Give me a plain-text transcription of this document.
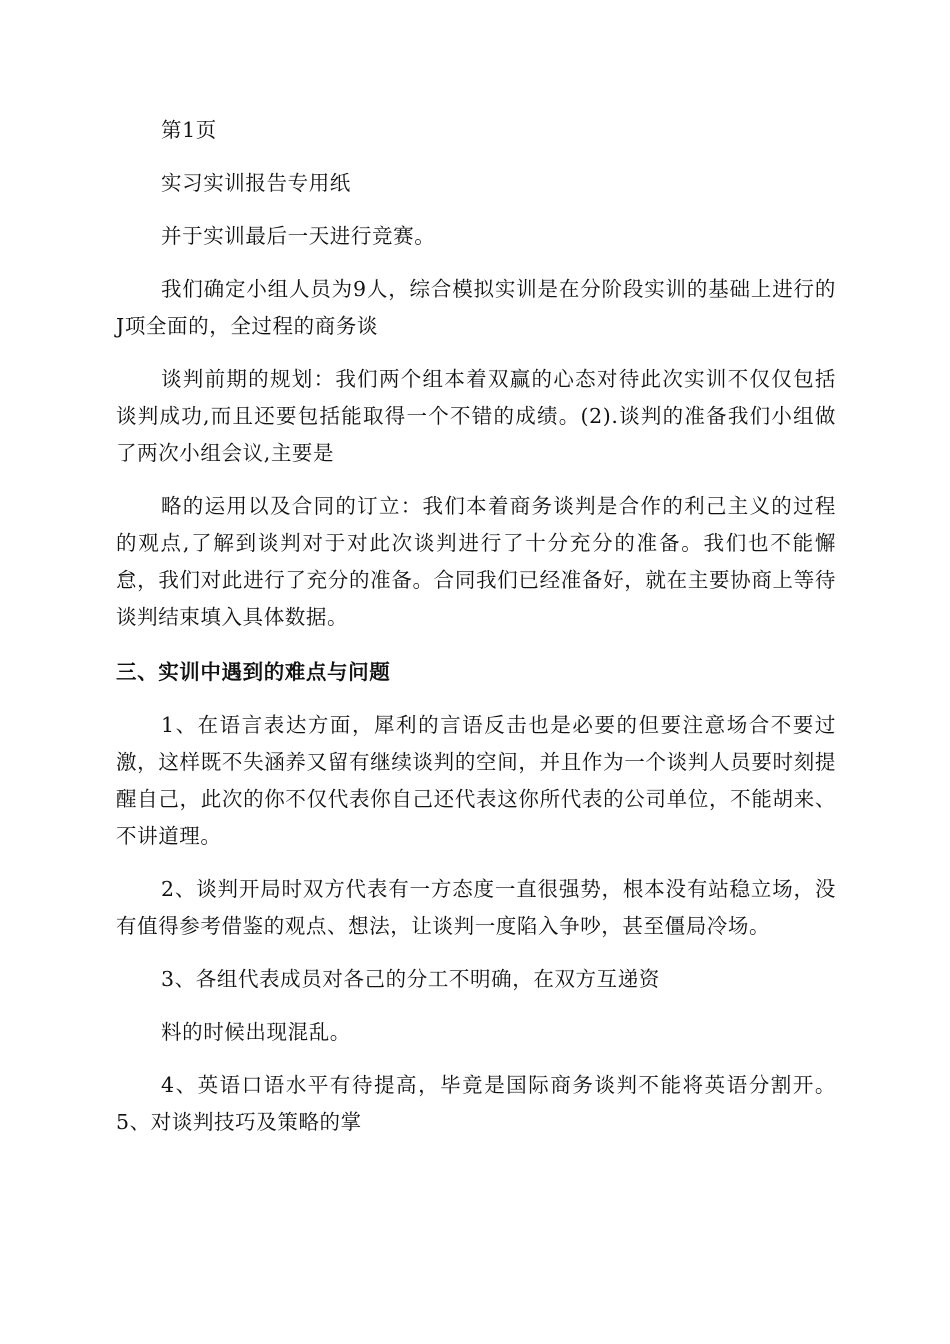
第1页

实习实训报告专用纸

并于实训最后一天进行竞赛。

我们确定小组人员为9人，综合模拟实训是在分阶段实训的基础上进行的J项全面的，全过程的商务谈

谈判前期的规划：我们两个组本着双赢的心态对待此次实训不仅仅包括谈判成功,而且还要包括能取得一个不错的成绩。(2).谈判的准备我们小组做了两次小组会议,主要是

略的运用以及合同的订立：我们本着商务谈判是合作的利己主义的过程的观点,了解到谈判对于对此次谈判进行了十分充分的准备。我们也不能懈怠，我们对此进行了充分的准备。合同我们已经准备好，就在主要协商上等待谈判结束填入具体数据。

三、实训中遇到的难点与问题

1、在语言表达方面，犀利的言语反击也是必要的但要注意场合不要过激，这样既不失涵养又留有继续谈判的空间，并且作为一个谈判人员要时刻提醒自己，此次的你不仅代表你自己还代表这你所代表的公司单位，不能胡来、不讲道理。

2、谈判开局时双方代表有一方态度一直很强势，根本没有站稳立场，没有值得参考借鉴的观点、想法，让谈判一度陷入争吵，甚至僵局冷场。

3、各组代表成员对各己的分工不明确，在双方互递资

料的时候出现混乱。

4、英语口语水平有待提高，毕竟是国际商务谈判不能将英语分割开。5、对谈判技巧及策略的掌
